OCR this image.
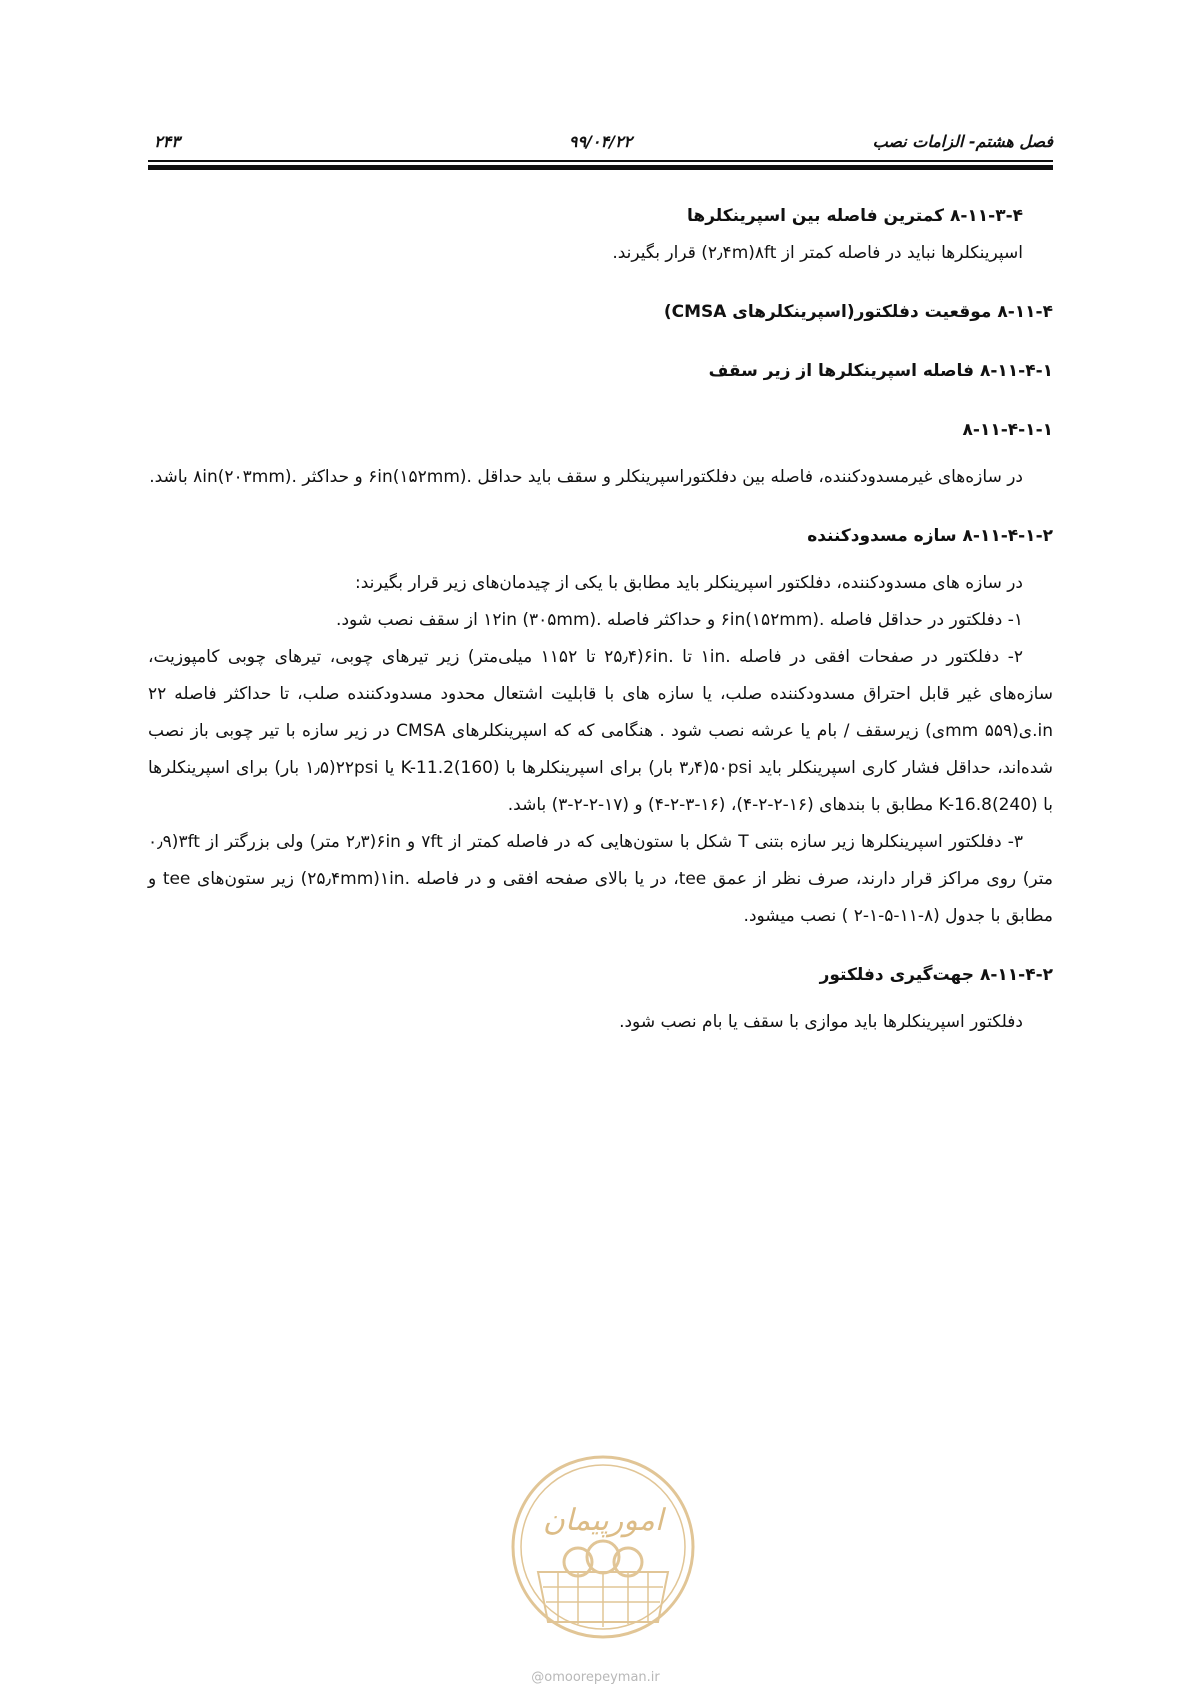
۲۴۳	۹۹/۰۴/۲۲	فصل هشتم- الزامات نصب
۸-۱۱-۳-۴ کمترین فاصله بین اسپرینکلرها

اسپرینکلرها نباید در فاصله کمتر از ۸ft(۲٫۴m) قرار بگیرند.

۸-۱۱-۴ موقعیت دفلکتور(اسپرینکلرهای CMSA)
۸-۱۱-۴-۱ فاصله اسپرینکلرها از زیر سقف
۸-۱۱-۴-۱-۱

در سازه‌های غیرمسدودکننده، فاصله بین دفلکتوراسپرینکلر و سقف باید حداقل .۶in(۱۵۲mm) و حداکثر .۸in(۲۰۳mm) باشد.

۸-۱۱-۴-۱-۲ سازه مسدودکننده

در سازه های مسدودکننده، دفلکتور اسپرینکلر باید مطابق با یکی از چیدمان‌های زیر قرار بگیرند:

۱- دفلکتور در حداقل فاصله .۶in(۱۵۲mm) و حداکثر فاصله .۱۲in (۳۰۵mm) از سقف نصب شود.

۲- دفلکتور در صفحات افقی در فاصله .۱in تا .۶in(۲۵٫۴ تا ۱۱۵۲ میلی‌متر) زیر تیرهای چوبی، تیرهای چوبی کامپوزیت، سازه‌های غیر قابل احتراق مسدودکننده صلب، یا سازه های با قابلیت اشتعال محدود مسدودکننده صلب، تا حداکثر فاصله ۲۲ in.ی(۵۵۹ mmی) زیرسقف / بام یا عرشه نصب شود . هنگامی که که اسپرینکلرهای CMSA در زیر سازه با تیر چوبی باز نصب شده‌اند، حداقل فشار کاری اسپرینکلر باید ۵۰psi(۳٫۴ بار) برای اسپرینکلرها با K-11.2(160) یا ۲۲psi(۱٫۵ بار) برای اسپرینکلرها با K-16.8(240) مطابق با بندهای (۱۶-۲-۲-۴)، (۱۶-۳-۲-۴) و (۱۷-۲-۲-۳) باشد.

۳- دفلکتور اسپرینکلرها زیر سازه بتنی T شکل با ستون‌هایی که در فاصله کمتر از ۷ft و ۶in(۲٫۳ متر) ولی بزرگتر از ۳ft(۰٫۹ متر) روی مراکز قرار دارند، صرف نظر از عمق tee، در یا بالای صفحه افقی و در فاصله .۱in(۲۵٫۴mm) زیر ستون‌های tee و مطابق با جدول (۸-۱۱-۵-۱-۲ ) نصب میشود.

۸-۱۱-۴-۲ جهت‌گیری دفلکتور

دفلکتور اسپرینکلرها باید موازی با سقف یا بام نصب شود.

امورپیمان
@omoorepeyman.ir
